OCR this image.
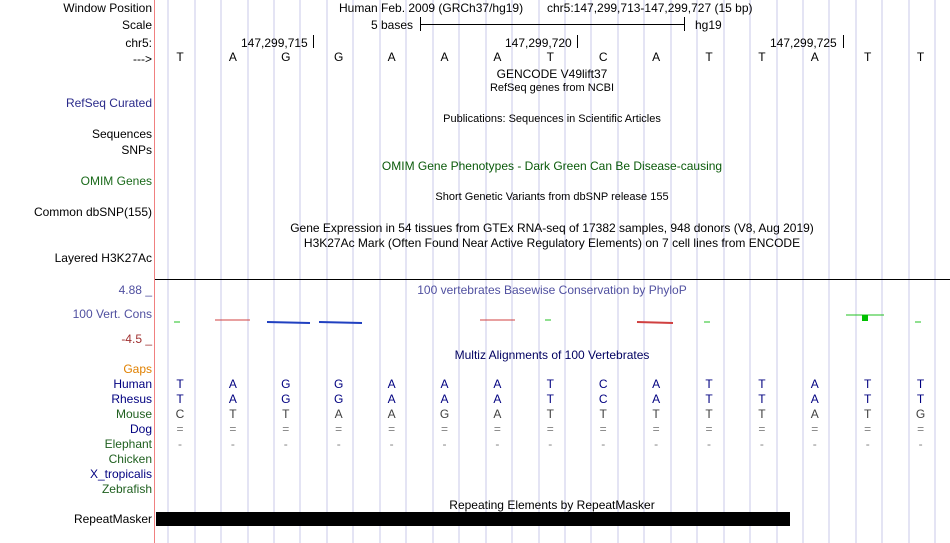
Window Position	Human Feb. 2009 (GRCh37/hg19) chr5:147,299,713-147,299,727 (15 bp)
Scale	5 bases	hg19
chr5:	147,299,715	147,299,720	147,299,725
---> T	A	G	G	A	A	A	T	C	A	T	T	A	T	T
GENCODE V49lift37
RefSeq genes from NCBI
RefSeq Curated
Sequences
Publications: Sequences in Scientific Articles
SNPs
OMIM Gene Phenotypes - Dark Green Can Be Disease-causing
OMIM Genes
Short Genetic Variants from dbSNP release 155
Common dbSNP(155)
Gene Expression in 54 tissues from GTEx RNA-seq of 17382 samples, 948 donors (V8, Aug 2019)
H3K27Ac Mark (Often Found Near Active Regulatory Elements) on 7 cell lines from ENCODE
Layered H3K27Ac
4.88 _	100 vertebrates Basewise Conservation by PhyloP
100 Vert. Cons
-4.5 _
Multiz Alignments of 100 Vertebrates
Gaps
Human T	A	G	G	A	A	A	T	C	A	T	T	A	T	T
Rhesus T	A	G	G	A	A	A	T	C	A	T	T	A	T	T
Mouse C	T	T	A	A	G	A	T	T	T	T	T	A	T	G
Dog =	=	=	=	=	=	=	=	=	=	=	=	=	=	=
Elephant	-	-	-	-	-	-	-	-	-	-	-	-	-	-	-
Chicken
X_tropicalis
Zebrafish
Repeating Elements by RepeatMasker
RepeatMasker
